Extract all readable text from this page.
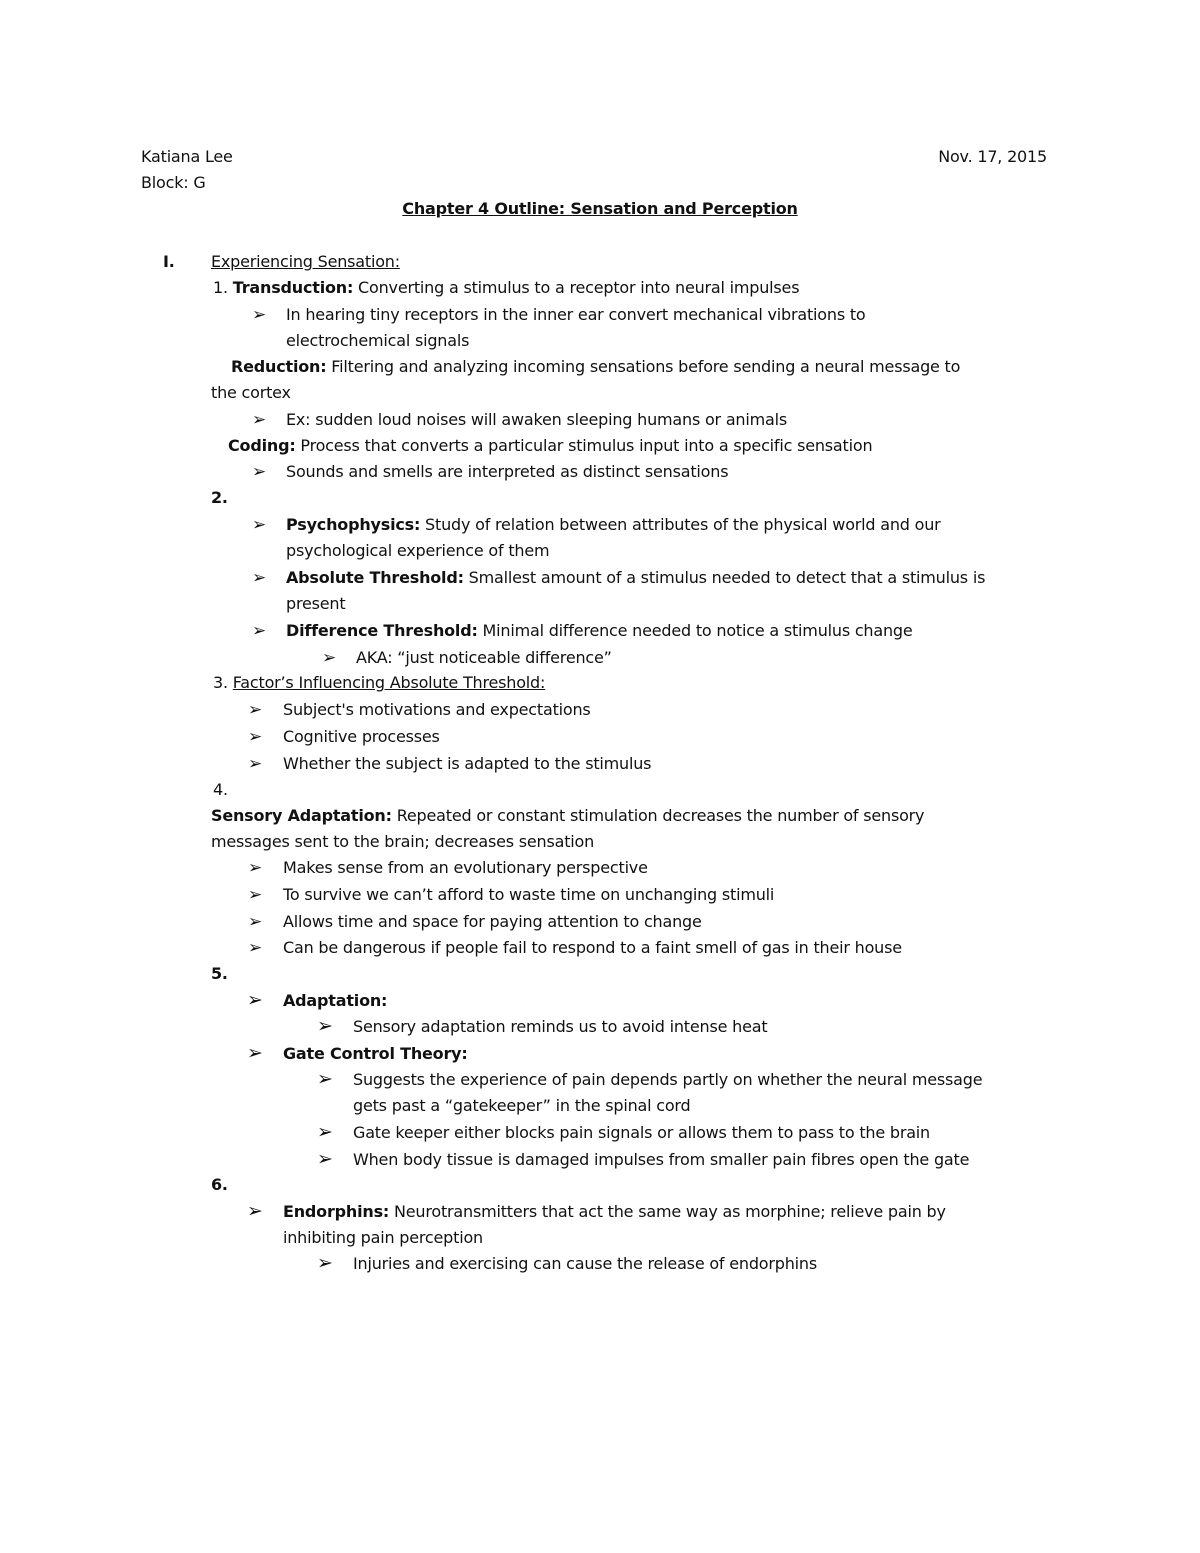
Katiana Lee	Nov. 17, 2015
Block: G
Chapter 4 Outline: Sensation and Perception
I. Experiencing Sensation:
1. Transduction: Converting a stimulus to a receptor into neural impulses
➢ In hearing tiny receptors in the inner ear convert mechanical vibrations to
electrochemical signals
Reduction: Filtering and analyzing incoming sensations before sending a neural message to
the cortex
➢ Ex: sudden loud noises will awaken sleeping humans or animals
Coding: Process that converts a particular stimulus input into a specific sensation
➢ Sounds and smells are interpreted as distinct sensations
2.
➢ Psychophysics: Study of relation between attributes of the physical world and our
psychological experience of them
➢ Absolute Threshold: Smallest amount of a stimulus needed to detect that a stimulus is
present
➢ Difference Threshold: Minimal difference needed to notice a stimulus change
➢ AKA: “just noticeable difference”
3. Factor’s Influencing Absolute Threshold:
➢ Subject's motivations and expectations
➢ Cognitive processes
➢ Whether the subject is adapted to the stimulus
4.
Sensory Adaptation: Repeated or constant stimulation decreases the number of sensory
messages sent to the brain; decreases sensation
➢ Makes sense from an evolutionary perspective
➢ To survive we can’t afford to waste time on unchanging stimuli
➢ Allows time and space for paying attention to change
➢ Can be dangerous if people fail to respond to a faint smell of gas in their house
5.
➢ Adaptation:
➢ Sensory adaptation reminds us to avoid intense heat
➢ Gate Control Theory:
➢ Suggests the experience of pain depends partly on whether the neural message
gets past a “gatekeeper” in the spinal cord
➢ Gate keeper either blocks pain signals or allows them to pass to the brain
➢ When body tissue is damaged impulses from smaller pain fibres open the gate
6.
➢ Endorphins: Neurotransmitters that act the same way as morphine; relieve pain by
inhibiting pain perception
➢ Injuries and exercising can cause the release of endorphins
